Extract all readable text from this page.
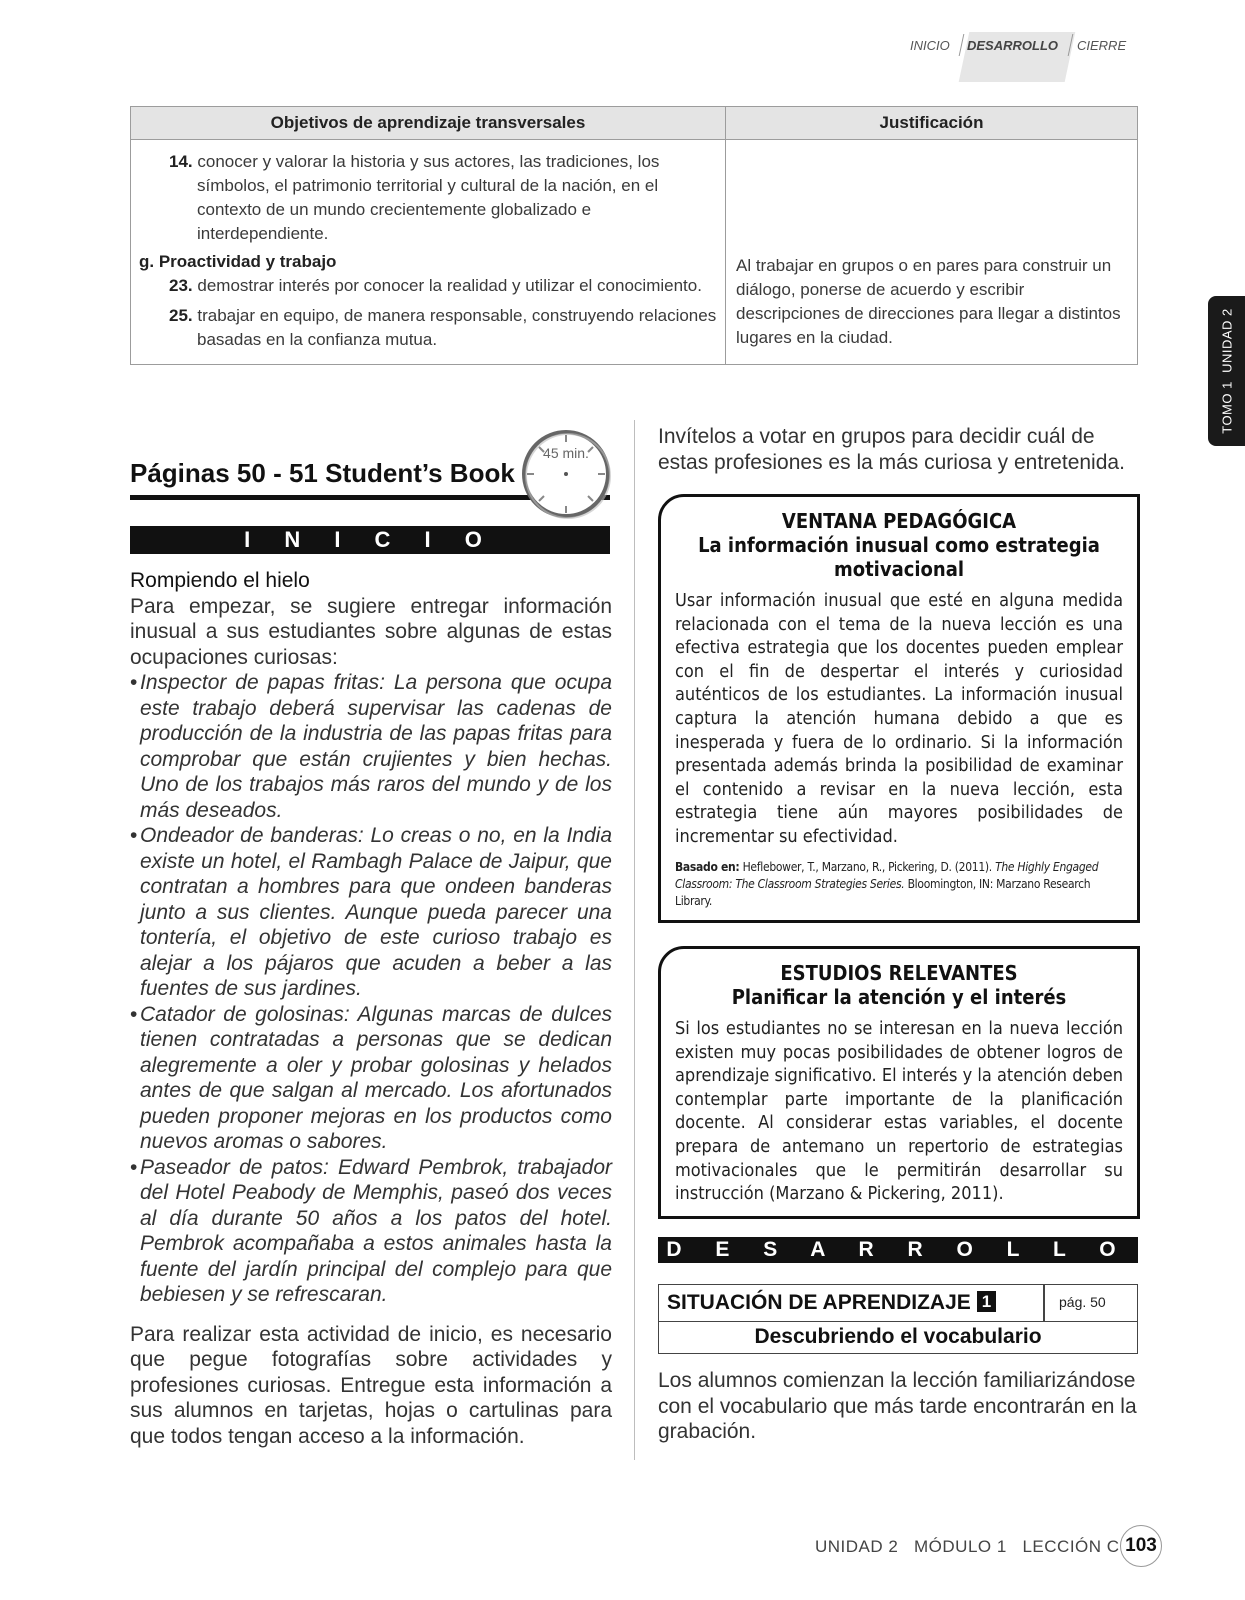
INICIO DESARROLLO CIERRE
TOMO 1  UNIDAD 2
Objetivos de aprendizaje transversales	Justificación

14. conocer y valorar la historia y sus actores, las tradiciones, los símbolos, el patrimonio territorial y cultural de la nación, en el contexto de un mundo crecientemente globalizado e interdependiente.
g. Proactividad y trabajo
23. demostrar interés por conocer la realidad y utilizar el conocimiento.
25. trabajar en equipo, de manera responsable, construyendo relaciones basadas en la confianza mutua.	Al trabajar en grupos o en pares para construir un diálogo, ponerse de acuerdo y escribir descripciones de direcciones para llegar a distintos lugares en la ciudad.
Páginas 50 - 51 Student’s Book
45 min.
I N I C I O
Rompiendo el hielo

Para empezar, se sugiere entregar información inusual a sus estudiantes sobre algunas de estas ocupaciones curiosas:

• Inspector de papas fritas: La persona que ocupa este trabajo deberá supervisar las cadenas de producción de la industria de las papas fritas para comprobar que están crujientes y bien hechas. Uno de los trabajos más raros del mundo y de los más deseados.

• Ondeador de banderas: Lo creas o no, en la India existe un hotel, el Rambagh Palace de Jaipur, que contratan a hombres para que ondeen banderas junto a sus clientes. Aunque pueda parecer una tontería, el objetivo de este curioso trabajo es alejar a los pájaros que acuden a beber a las fuentes de sus jardines.

• Catador de golosinas: Algunas marcas de dulces tienen contratadas a personas que se dedican alegremente a oler y probar golosinas y helados antes de que salgan al mercado. Los afortunados pueden proponer mejoras en los productos como nuevos aromas o sabores.

• Paseador de patos: Edward Pembrok, trabajador del Hotel Peabody de Memphis, paseó dos veces al día durante 50 años a los patos del hotel. Pembrok acompañaba a estos animales hasta la fuente del jardín principal del complejo para que bebiesen y se refrescaran.

Para realizar esta actividad de inicio, es necesario que pegue fotografías sobre actividades y profesiones curiosas. Entregue esta información a sus alumnos en tarjetas, hojas o cartulinas para que todos tengan acceso a la información.

Invítelos a votar en grupos para decidir cuál de estas profesiones es la más curiosa y entretenida.
VENTANA PEDAGÓGICA
La información inusual como estrategia motivacional
Usar información inusual que esté en alguna medida relacionada con el tema de la nueva lección es una efectiva estrategia que los docentes pueden emplear con el fin de despertar el interés y curiosidad auténticos de los estudiantes. La información inusual captura la atención humana debido a que es inesperada y fuera de lo ordinario. Si la información presentada además brinda la posibilidad de examinar el contenido a revisar en la nueva lección, esta estrategia tiene aún mayores posibilidades de incrementar su efectividad.
Basado en: Heflebower, T., Marzano, R., Pickering, D. (2011). The Highly Engaged Classroom: The Classroom Strategies Series. Bloomington, IN: Marzano Research Library.
ESTUDIOS RELEVANTES
Planificar la atención y el interés
Si los estudiantes no se interesan en la nueva lección existen muy pocas posibilidades de obtener logros de aprendizaje significativo. El interés y la atención deben contemplar parte importante de la planificación docente. Al considerar estas variables, el docente prepara de antemano un repertorio de estrategias motivacionales que le permitirán desarrollar su instrucción (Marzano & Pickering, 2011).
D E S A R R O L L O
SITUACIÓN DE APRENDIZAJE 1	pág. 50
Descubriendo el vocabulario
Los alumnos comienzan la lección familiarizándose con el vocabulario que más tarde encontrarán en la grabación.
UNIDAD 2   MÓDULO 1   LECCIÓN C 103
